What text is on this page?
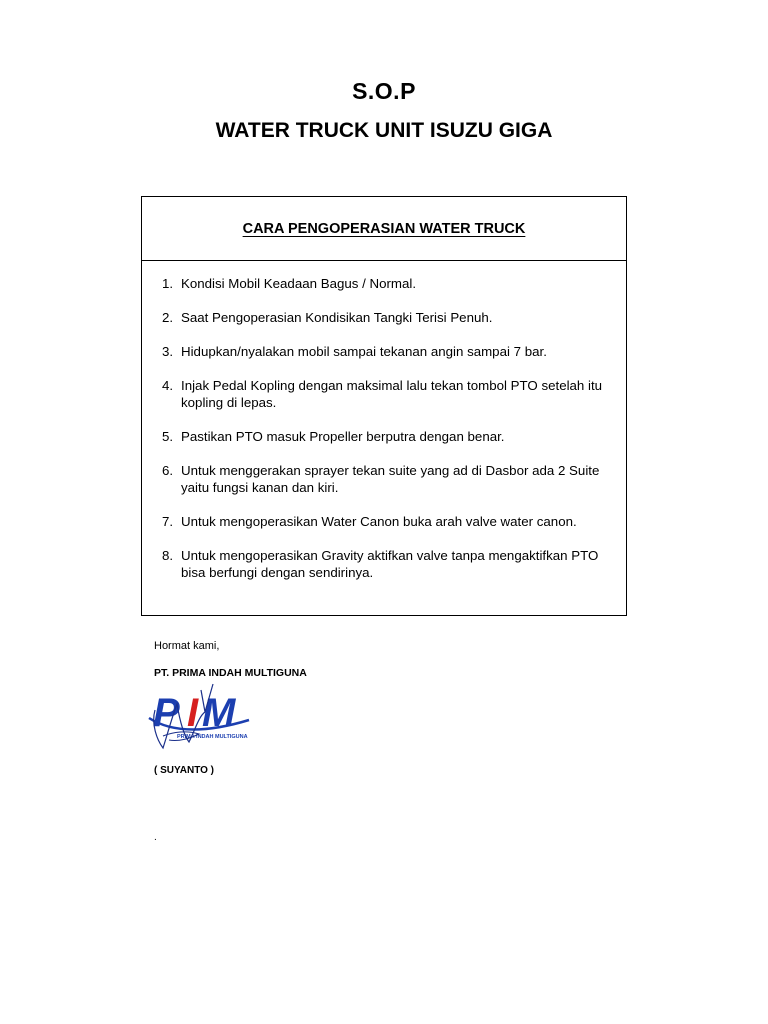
S.O.P
WATER TRUCK UNIT ISUZU GIGA
CARA PENGOPERASIAN WATER TRUCK
1. Kondisi Mobil Keadaan Bagus / Normal.
2. Saat Pengoperasian Kondisikan Tangki Terisi Penuh.
3. Hidupkan/nyalakan mobil sampai tekanan angin sampai 7 bar.
4. Injak Pedal Kopling dengan maksimal lalu tekan tombol PTO setelah itu kopling di lepas.
5. Pastikan PTO masuk Propeller berputra dengan benar.
6. Untuk menggerakan sprayer tekan suite yang ad di Dasbor ada 2 Suite yaitu fungsi kanan dan kiri.
7. Untuk mengoperasikan Water Canon buka arah valve water canon.
8. Untuk mengoperasikan Gravity aktifkan valve tanpa mengaktifkan PTO bisa berfungi dengan sendirinya.
Hormat kami,
PT. PRIMA INDAH MULTIGUNA
P I M
PRIMA INDAH MULTIGUNA
( SUYANTO )
.
